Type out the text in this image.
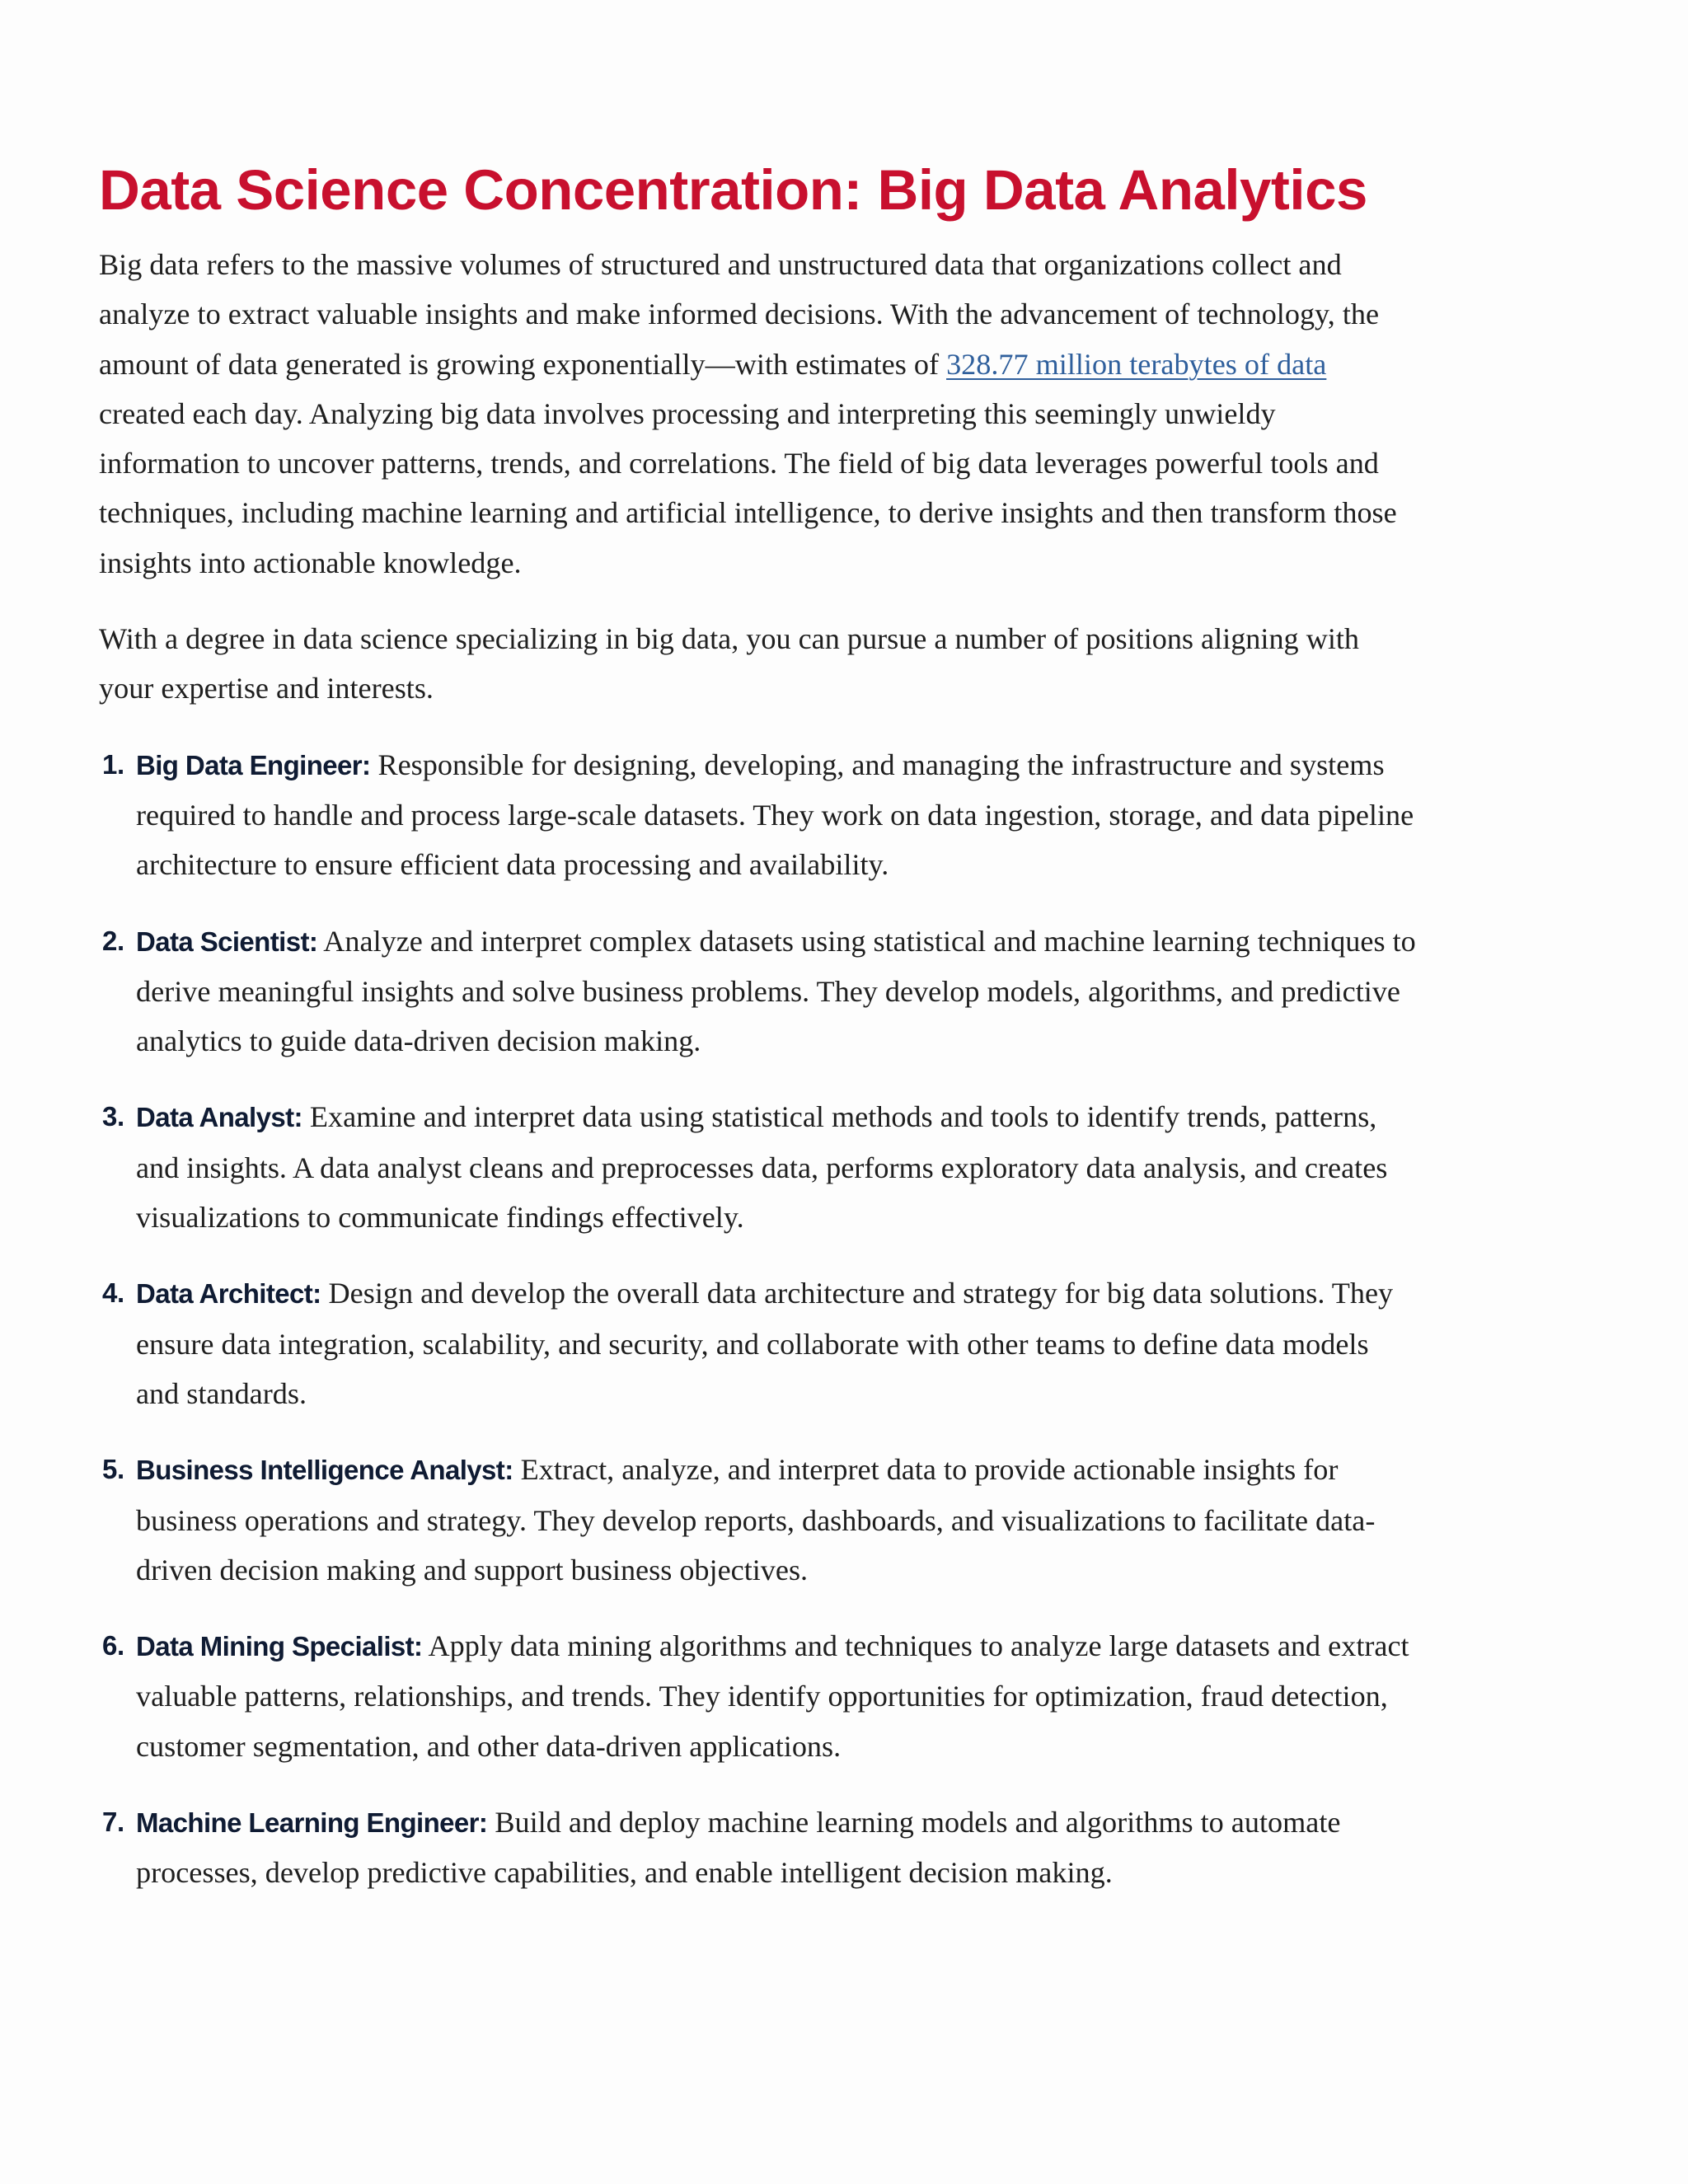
Data Science Concentration: Big Data Analytics

Big data refers to the massive volumes of structured and unstructured data that organizations collect and analyze to extract valuable insights and make informed decisions. With the advancement of technology, the amount of data generated is growing exponentially—with estimates of 328.77 million terabytes of data created each day. Analyzing big data involves processing and interpreting this seemingly unwieldy information to uncover patterns, trends, and correlations. The field of big data leverages powerful tools and techniques, including machine learning and artificial intelligence, to derive insights and then transform those insights into actionable knowledge.

With a degree in data science specializing in big data, you can pursue a number of positions aligning with your expertise and interests.

1. Big Data Engineer: Responsible for designing, developing, and managing the infrastructure and systems required to handle and process large-scale datasets. They work on data ingestion, storage, and data pipeline architecture to ensure efficient data processing and availability.
2. Data Scientist: Analyze and interpret complex datasets using statistical and machine learning techniques to derive meaningful insights and solve business problems. They develop models, algorithms, and predictive analytics to guide data-driven decision making.
3. Data Analyst: Examine and interpret data using statistical methods and tools to identify trends, patterns, and insights. A data analyst cleans and preprocesses data, performs exploratory data analysis, and creates visualizations to communicate findings effectively.
4. Data Architect: Design and develop the overall data architecture and strategy for big data solutions. They ensure data integration, scalability, and security, and collaborate with other teams to define data models and standards.
5. Business Intelligence Analyst: Extract, analyze, and interpret data to provide actionable insights for business operations and strategy. They develop reports, dashboards, and visualizations to facilitate data-driven decision making and support business objectives.
6. Data Mining Specialist: Apply data mining algorithms and techniques to analyze large datasets and extract valuable patterns, relationships, and trends. They identify opportunities for optimization, fraud detection, customer segmentation, and other data-driven applications.
7. Machine Learning Engineer: Build and deploy machine learning models and algorithms to automate processes, develop predictive capabilities, and enable intelligent decision making.
